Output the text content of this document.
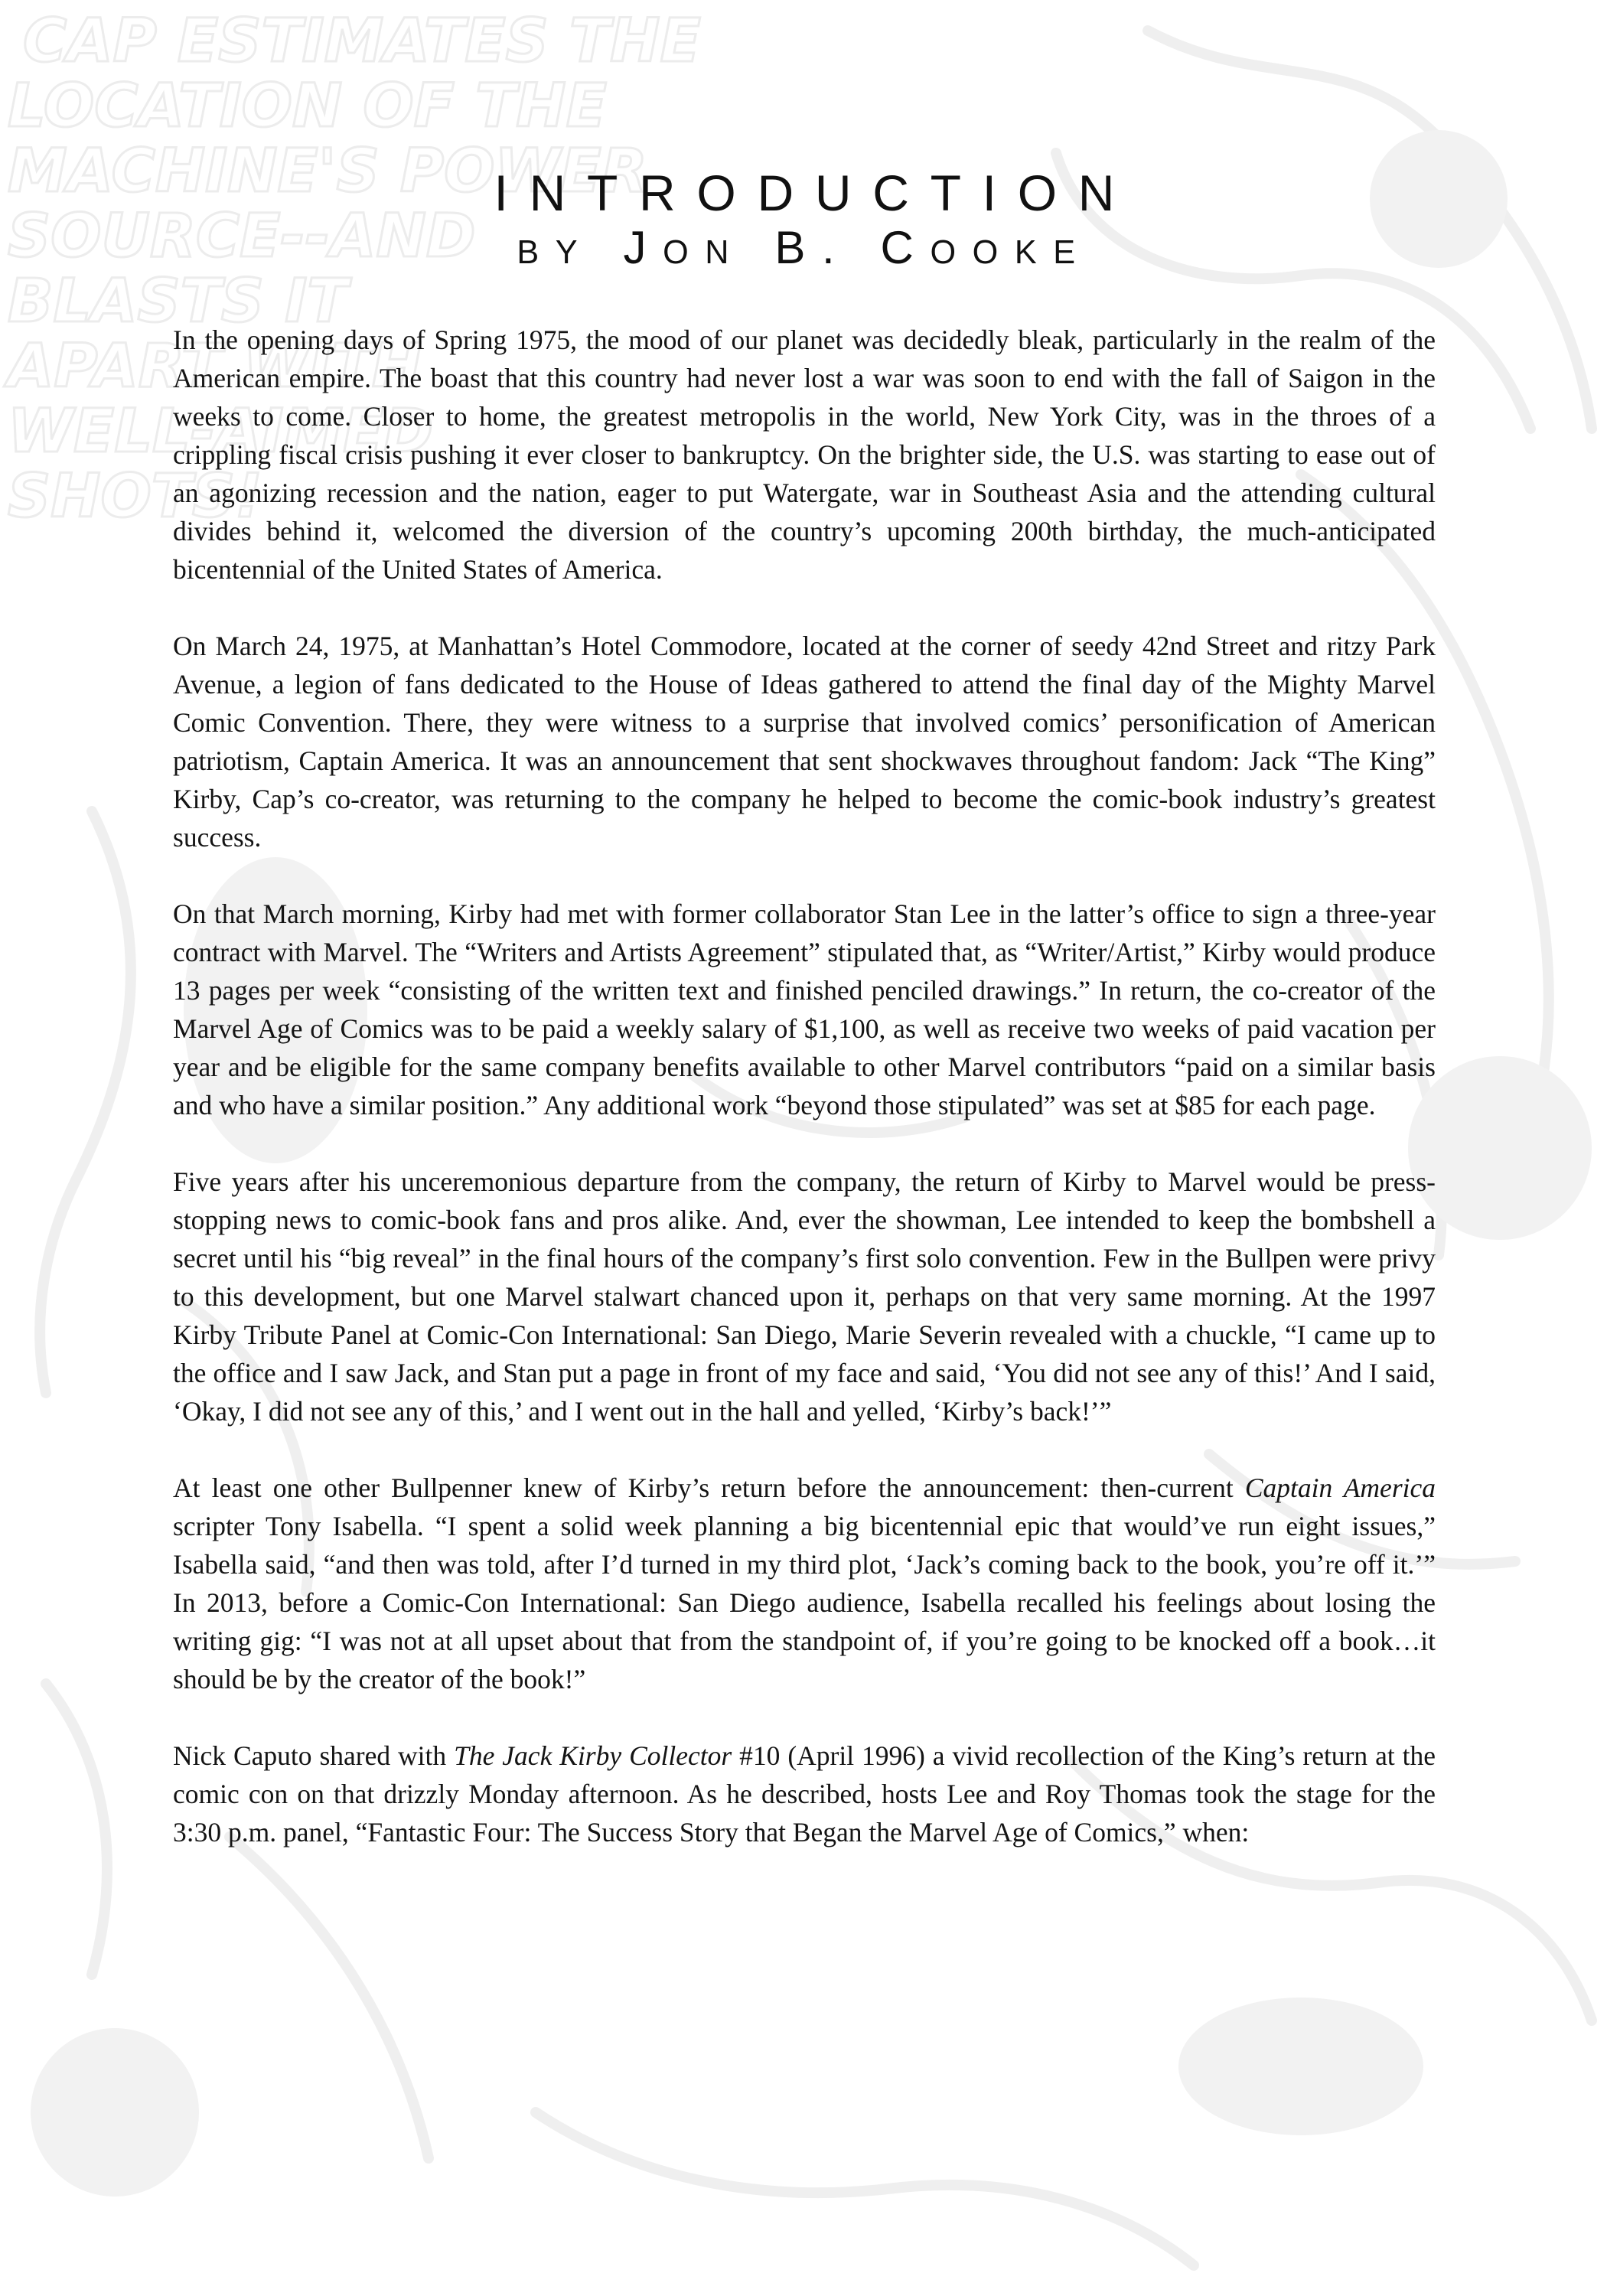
CAP ESTIMATES THE
LOCATION OF THE
MACHINE'S POWER
SOURCE--AND
BLASTS IT
APART WITH
WELL-AIMED
SHOTS!
INTRODUCTION
BY JON B. COOKE

In the opening days of Spring 1975, the mood of our planet was decidedly bleak, particularly in the realm of the American empire. The boast that this country had never lost a war was soon to end with the fall of Saigon in the weeks to come. Closer to home, the greatest metropolis in the world, New York City, was in the throes of a crippling fiscal crisis pushing it ever closer to bankruptcy. On the brighter side, the U.S. was starting to ease out of an agonizing recession and the nation, eager to put Watergate, war in Southeast Asia and the attending cultural divides behind it, welcomed the diversion of the country’s upcoming 200th birthday, the much-anticipated bicentennial of the United States of America.

On March 24, 1975, at Manhattan’s Hotel Commodore, located at the corner of seedy 42nd Street and ritzy Park Avenue, a legion of fans dedicated to the House of Ideas gathered to attend the final day of the Mighty Marvel Comic Convention. There, they were witness to a surprise that involved comics’ personification of American patriotism, Captain America. It was an announcement that sent shockwaves throughout fandom: Jack “The King” Kirby, Cap’s co-creator, was returning to the company he helped to become the comic-book industry’s greatest success.

On that March morning, Kirby had met with former collaborator Stan Lee in the latter’s office to sign a three-year contract with Marvel. The “Writers and Artists Agreement” stipulated that, as “Writer/Artist,” Kirby would produce 13 pages per week “consisting of the written text and finished penciled drawings.” In return, the co-creator of the Marvel Age of Comics was to be paid a weekly salary of $1,100, as well as receive two weeks of paid vacation per year and be eligible for the same company benefits available to other Marvel contributors “paid on a similar basis and who have a similar position.” Any additional work “beyond those stipulated” was set at $85 for each page.

Five years after his unceremonious departure from the company, the return of Kirby to Marvel would be press-stopping news to comic-book fans and pros alike. And, ever the showman, Lee intended to keep the bombshell a secret until his “big reveal” in the final hours of the company’s first solo convention. Few in the Bullpen were privy to this development, but one Marvel stalwart chanced upon it, perhaps on that very same morning. At the 1997 Kirby Tribute Panel at Comic-Con International: San Diego, Marie Severin revealed with a chuckle, “I came up to the office and I saw Jack, and Stan put a page in front of my face and said, ‘You did not see any of this!’ And I said, ‘Okay, I did not see any of this,’ and I went out in the hall and yelled, ‘Kirby’s back!’”

At least one other Bullpenner knew of Kirby’s return before the announcement: then-current Captain America scripter Tony Isabella. “I spent a solid week planning a big bicentennial epic that would’ve run eight issues,” Isabella said, “and then was told, after I’d turned in my third plot, ‘Jack’s coming back to the book, you’re off it.’” In 2013, before a Comic-Con International: San Diego audience, Isabella recalled his feelings about losing the writing gig: “I was not at all upset about that from the standpoint of, if you’re going to be knocked off a book…it should be by the creator of the book!”

Nick Caputo shared with The Jack Kirby Collector #10 (April 1996) a vivid recollection of the King’s return at the comic con on that drizzly Monday afternoon. As he described, hosts Lee and Roy Thomas took the stage for the 3:30 p.m. panel, “Fantastic Four: The Success Story that Began the Marvel Age of Comics,” when:
